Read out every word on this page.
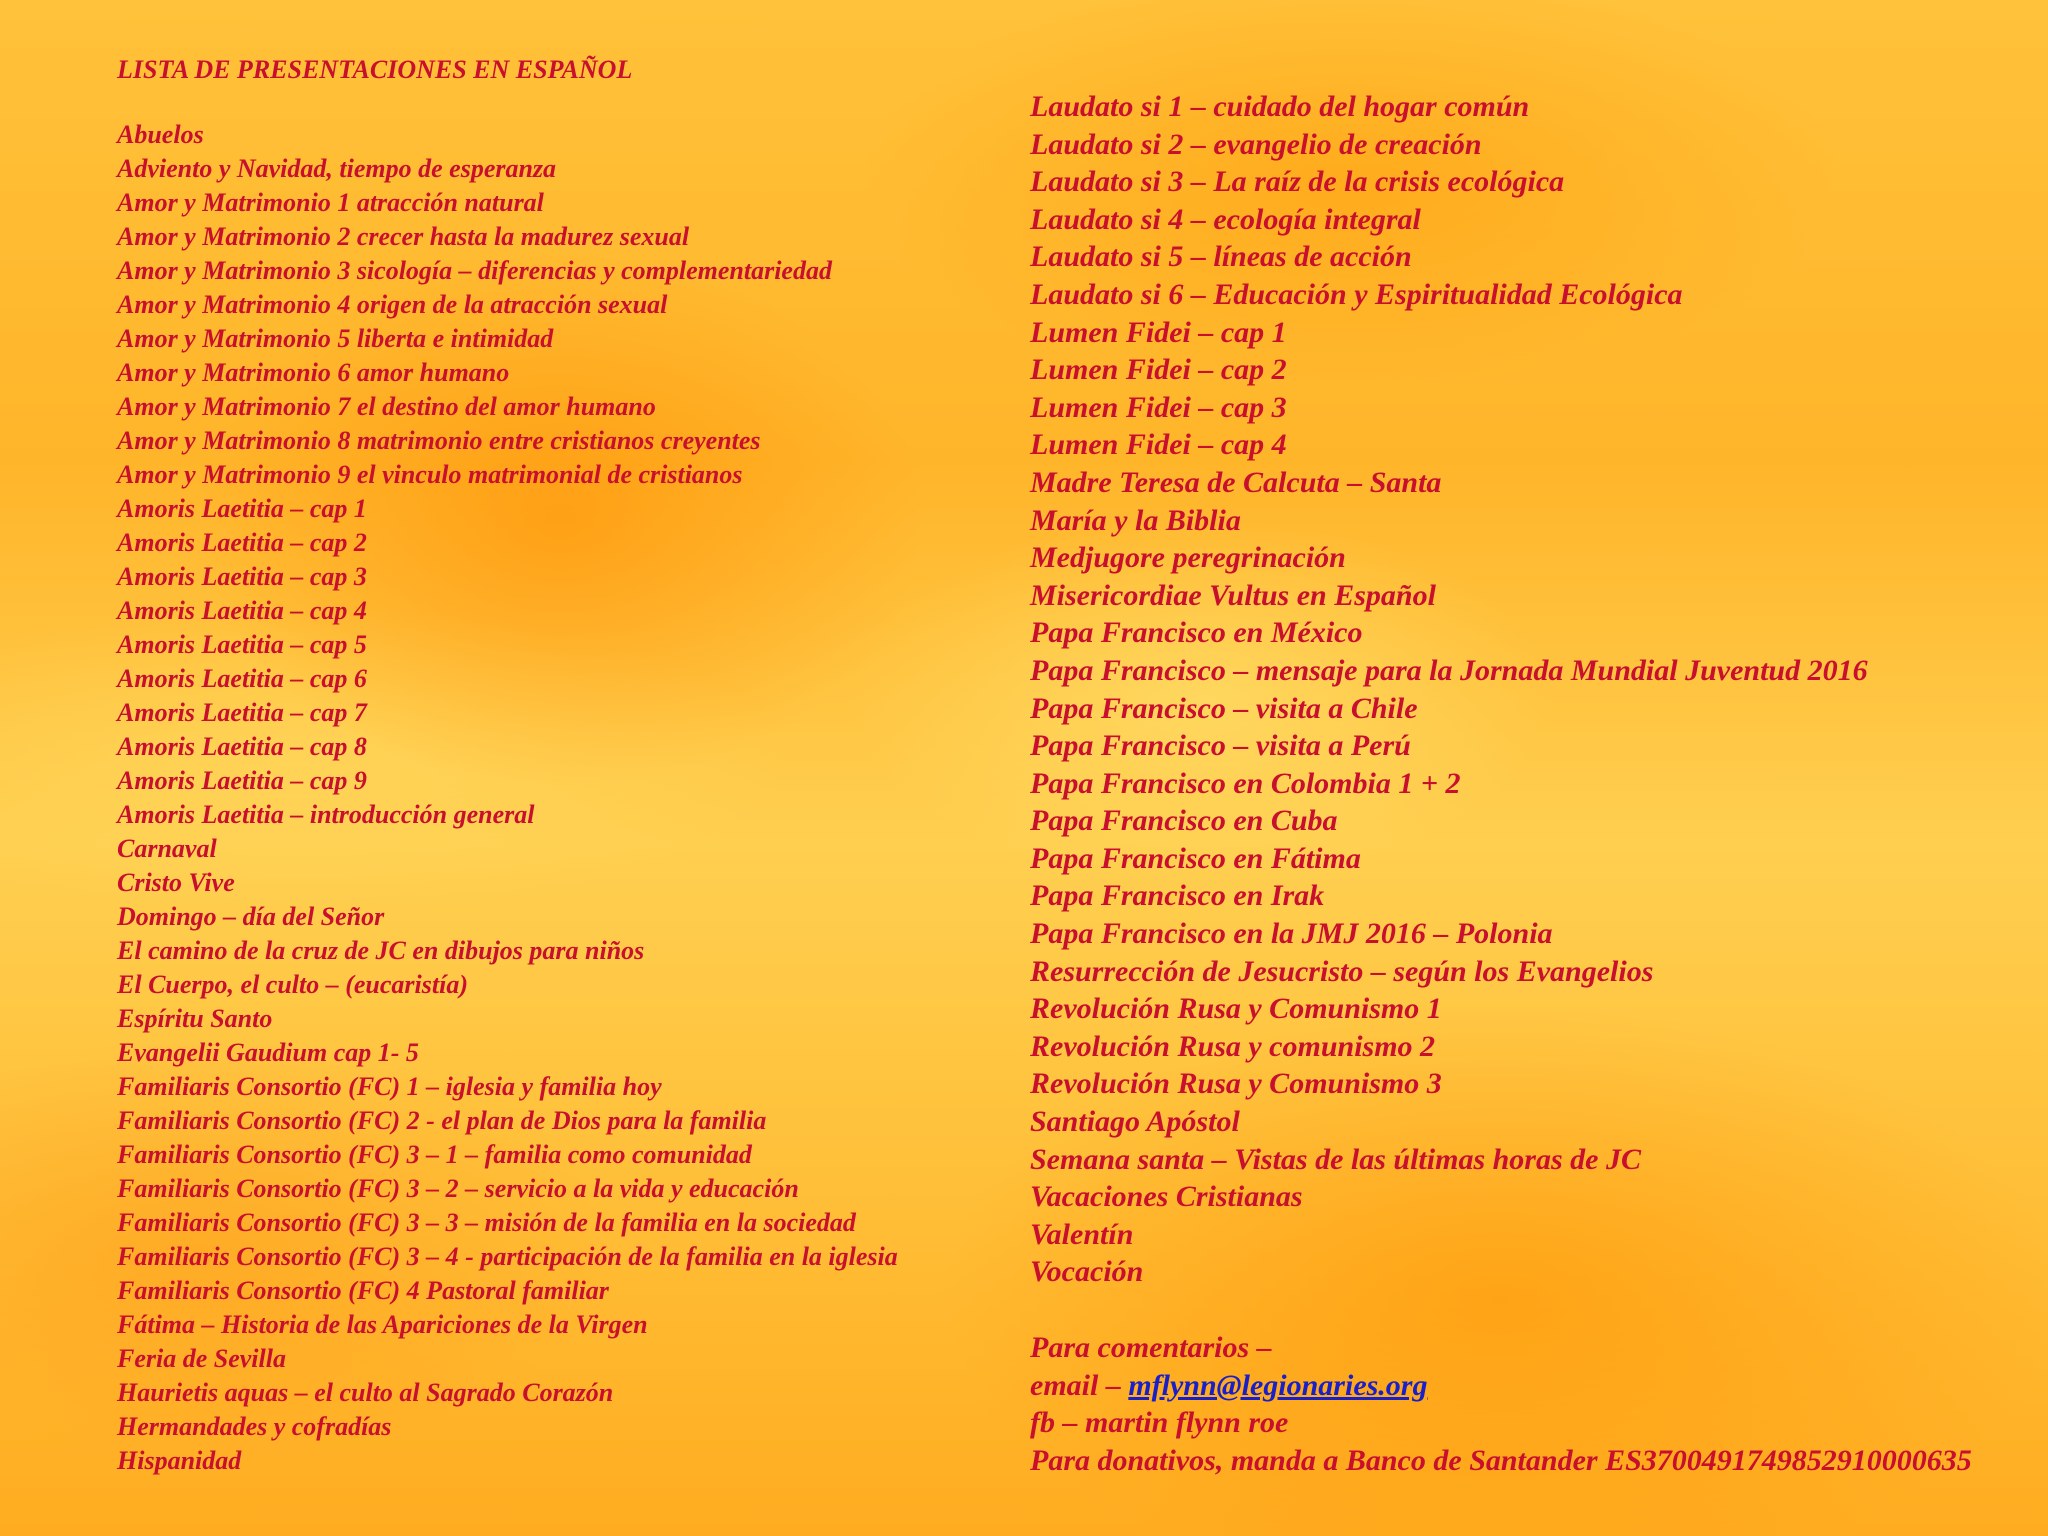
LISTA DE PRESENTACIONES EN ESPAÑOL
Abuelos
Adviento y Navidad, tiempo de esperanza
Amor y Matrimonio 1 atracción natural
Amor y Matrimonio 2 crecer hasta la madurez sexual
Amor y Matrimonio 3 sicología – diferencias y complementariedad
Amor y Matrimonio 4 origen de la atracción sexual
Amor y Matrimonio 5 liberta e intimidad
Amor y Matrimonio 6 amor humano
Amor y Matrimonio 7 el destino del amor humano
Amor y Matrimonio 8 matrimonio entre cristianos creyentes
Amor y Matrimonio 9 el vinculo matrimonial de cristianos
Amoris Laetitia – cap 1
Amoris Laetitia – cap 2
Amoris Laetitia – cap 3
Amoris Laetitia – cap 4
Amoris Laetitia – cap 5
Amoris Laetitia – cap 6
Amoris Laetitia – cap 7
Amoris Laetitia – cap 8
Amoris Laetitia – cap 9
Amoris Laetitia – introducción general
Carnaval
Cristo Vive
Domingo – día del Señor
El camino de la cruz de JC en dibujos para niños
El Cuerpo, el culto – (eucaristía)
Espíritu Santo
Evangelii Gaudium cap 1- 5
Familiaris Consortio (FC) 1 – iglesia y familia hoy
Familiaris Consortio (FC) 2 - el plan de Dios para la familia
Familiaris Consortio (FC) 3 – 1 – familia como comunidad
Familiaris Consortio (FC) 3 – 2 – servicio a la vida y educación
Familiaris Consortio (FC) 3 – 3 – misión de la familia en la sociedad
Familiaris Consortio (FC) 3 – 4 - participación de la familia en la iglesia
Familiaris Consortio (FC) 4 Pastoral familiar
Fátima – Historia de las Apariciones de la Virgen
Feria de Sevilla
Haurietis aquas – el culto al Sagrado Corazón
Hermandades y cofradías
Hispanidad
Laudato si 1 – cuidado del hogar común
Laudato si 2 – evangelio de creación
Laudato si 3 – La raíz de la crisis ecológica
Laudato si 4 – ecología integral
Laudato si 5 – líneas de acción
Laudato si 6 – Educación y Espiritualidad Ecológica
Lumen Fidei – cap 1
Lumen Fidei – cap 2
Lumen Fidei – cap 3
Lumen Fidei – cap 4
Madre Teresa de Calcuta – Santa
María y la Biblia
Medjugore peregrinación
Misericordiae Vultus en Español
Papa Francisco en México
Papa Francisco – mensaje para la Jornada Mundial Juventud 2016
Papa Francisco – visita a Chile
Papa Francisco – visita a Perú
Papa Francisco en Colombia 1 + 2
Papa Francisco en Cuba
Papa Francisco en Fátima
Papa Francisco en Irak
Papa Francisco en la JMJ 2016 – Polonia
Resurrección de Jesucristo – según los Evangelios
Revolución Rusa y Comunismo 1
Revolución Rusa y comunismo 2
Revolución Rusa y Comunismo 3
Santiago Apóstol
Semana santa – Vistas de las últimas horas de JC
Vacaciones Cristianas
Valentín
Vocación
Para comentarios –
email – mflynn@legionaries.org
fb – martin flynn roe
Para donativos, manda a Banco de Santander ES3700491749852910000635
